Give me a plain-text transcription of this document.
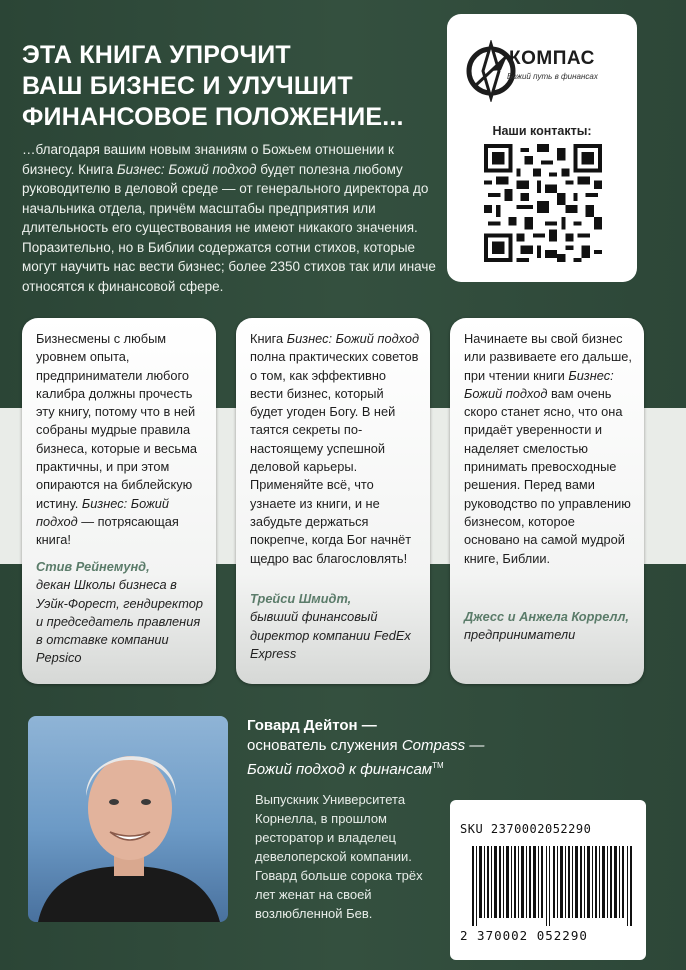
ЭТА КНИГА УПРОЧИТ
ВАШ БИЗНЕС И УЛУЧШИТ
ФИНАНСОВОЕ ПОЛОЖЕНИЕ...

…благодаря вашим новым знаниям о Божьем отношении к бизнесу. Книга Бизнес: Божий подход будет полезна любому руководителю в деловой среде — от генерального директора до начальника отдела, причём масштабы предприятия или длительность его существования не имеют никакого значения. Поразительно, но в Библии содержатся сотни стихов, которые могут научить нас вести бизнес; более 2350 стихов так или иначе относятся к финансовой сфере.

КОМПАС
Божий путь в финансах
Наши контакты:

Бизнесмены с любым уровнем опыта, предприниматели любого калибра должны прочесть эту книгу, потому что в ней собраны мудрые правила бизнеса, которые и весьма практичны, и при этом опираются на библейскую истину. Бизнес: Божий подход — потрясающая книга!

Стив Рейнемунд,
декан Школы бизнеса в Уэйк-Форест, гендиректор и председатель правления в отставке компании Pepsico

Книга Бизнес: Божий подход полна практических советов о том, как эффективно вести бизнес, который будет угоден Богу. В ней таятся секреты по-настоящему успешной деловой карьеры. Применяйте всё, что узнаете из книги, и не забудьте держаться покрепче, когда Бог начнёт щедро вас благословлять!

Трейси Шмидт,
бывший финансовый директор компании FedEx Express

Начинаете вы свой бизнес или развиваете его дальше, при чтении книги Бизнес: Божий подход вам очень скоро станет ясно, что она придаёт уверенности и наделяет смелостью принимать превосходные решения. Перед вами руководство по управлению бизнесом, которое основано на самой мудрой книге, Библии.

Джесс и Анжела Коррелл,
предприниматели

Говард Дейтон —
основатель служения Compass —
Божий подход к финансам™

Выпускник Университета Корнелла, в прошлом ресторатор и владелец девелоперской компании. Говард больше сорока трёх лет женат на своей возлюбленной Бев.

SKU 2370002052290
2 370002 052290
